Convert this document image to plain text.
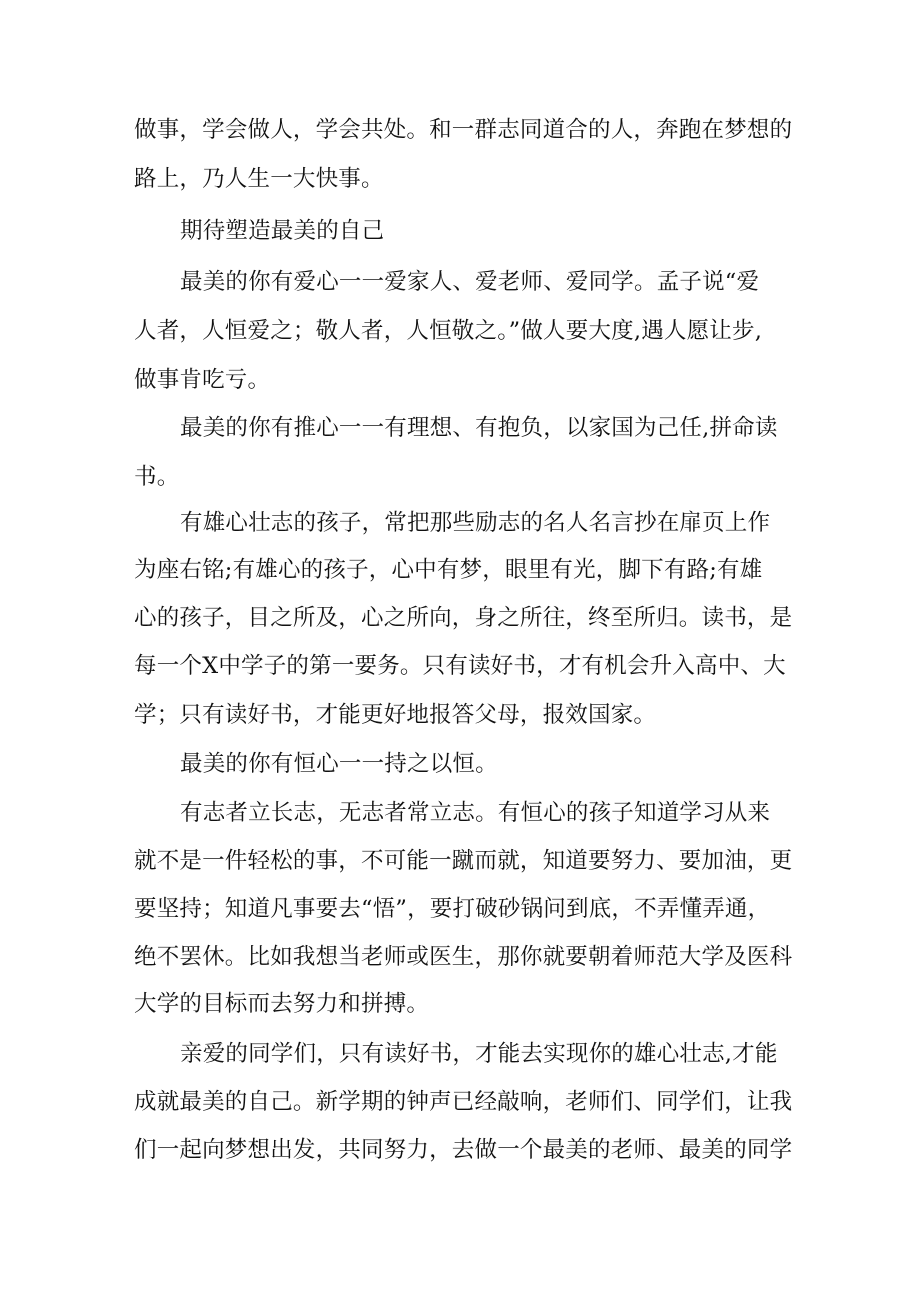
做事，学会做人，学会共处。和一群志同道合的人，奔跑在梦想的
路上，乃人生一大快事。
期待塑造最美的自己
最美的你有爱心一一爱家人、爱老师、爱同学。孟子说“爱
人者，人恒爱之；敬人者，人恒敬之。”做人要大度,遇人愿让步,
做事肯吃亏。
最美的你有推心一一有理想、有抱负，以家国为己任,拼命读
书。
有雄心壮志的孩子，常把那些励志的名人名言抄在扉页上作
为座右铭;有雄心的孩子，心中有梦，眼里有光，脚下有路;有雄
心的孩子，目之所及，心之所向，身之所往，终至所归。读书，是
每一个X中学子的第一要务。只有读好书，才有机会升入高中、大
学；只有读好书，才能更好地报答父母，报效国家。
最美的你有恒心一一持之以恒。
有志者立长志，无志者常立志。有恒心的孩子知道学习从来
就不是一件轻松的事，不可能一蹴而就，知道要努力、要加油，更
要坚持；知道凡事要去“悟”，要打破砂锅问到底，不弄懂弄通，
绝不罢休。比如我想当老师或医生，那你就要朝着师范大学及医科
大学的目标而去努力和拼搏。
亲爱的同学们，只有读好书，才能去实现你的雄心壮志,才能
成就最美的自己。新学期的钟声已经敲响，老师们、同学们，让我
们一起向梦想出发，共同努力，去做一个最美的老师、最美的同学
